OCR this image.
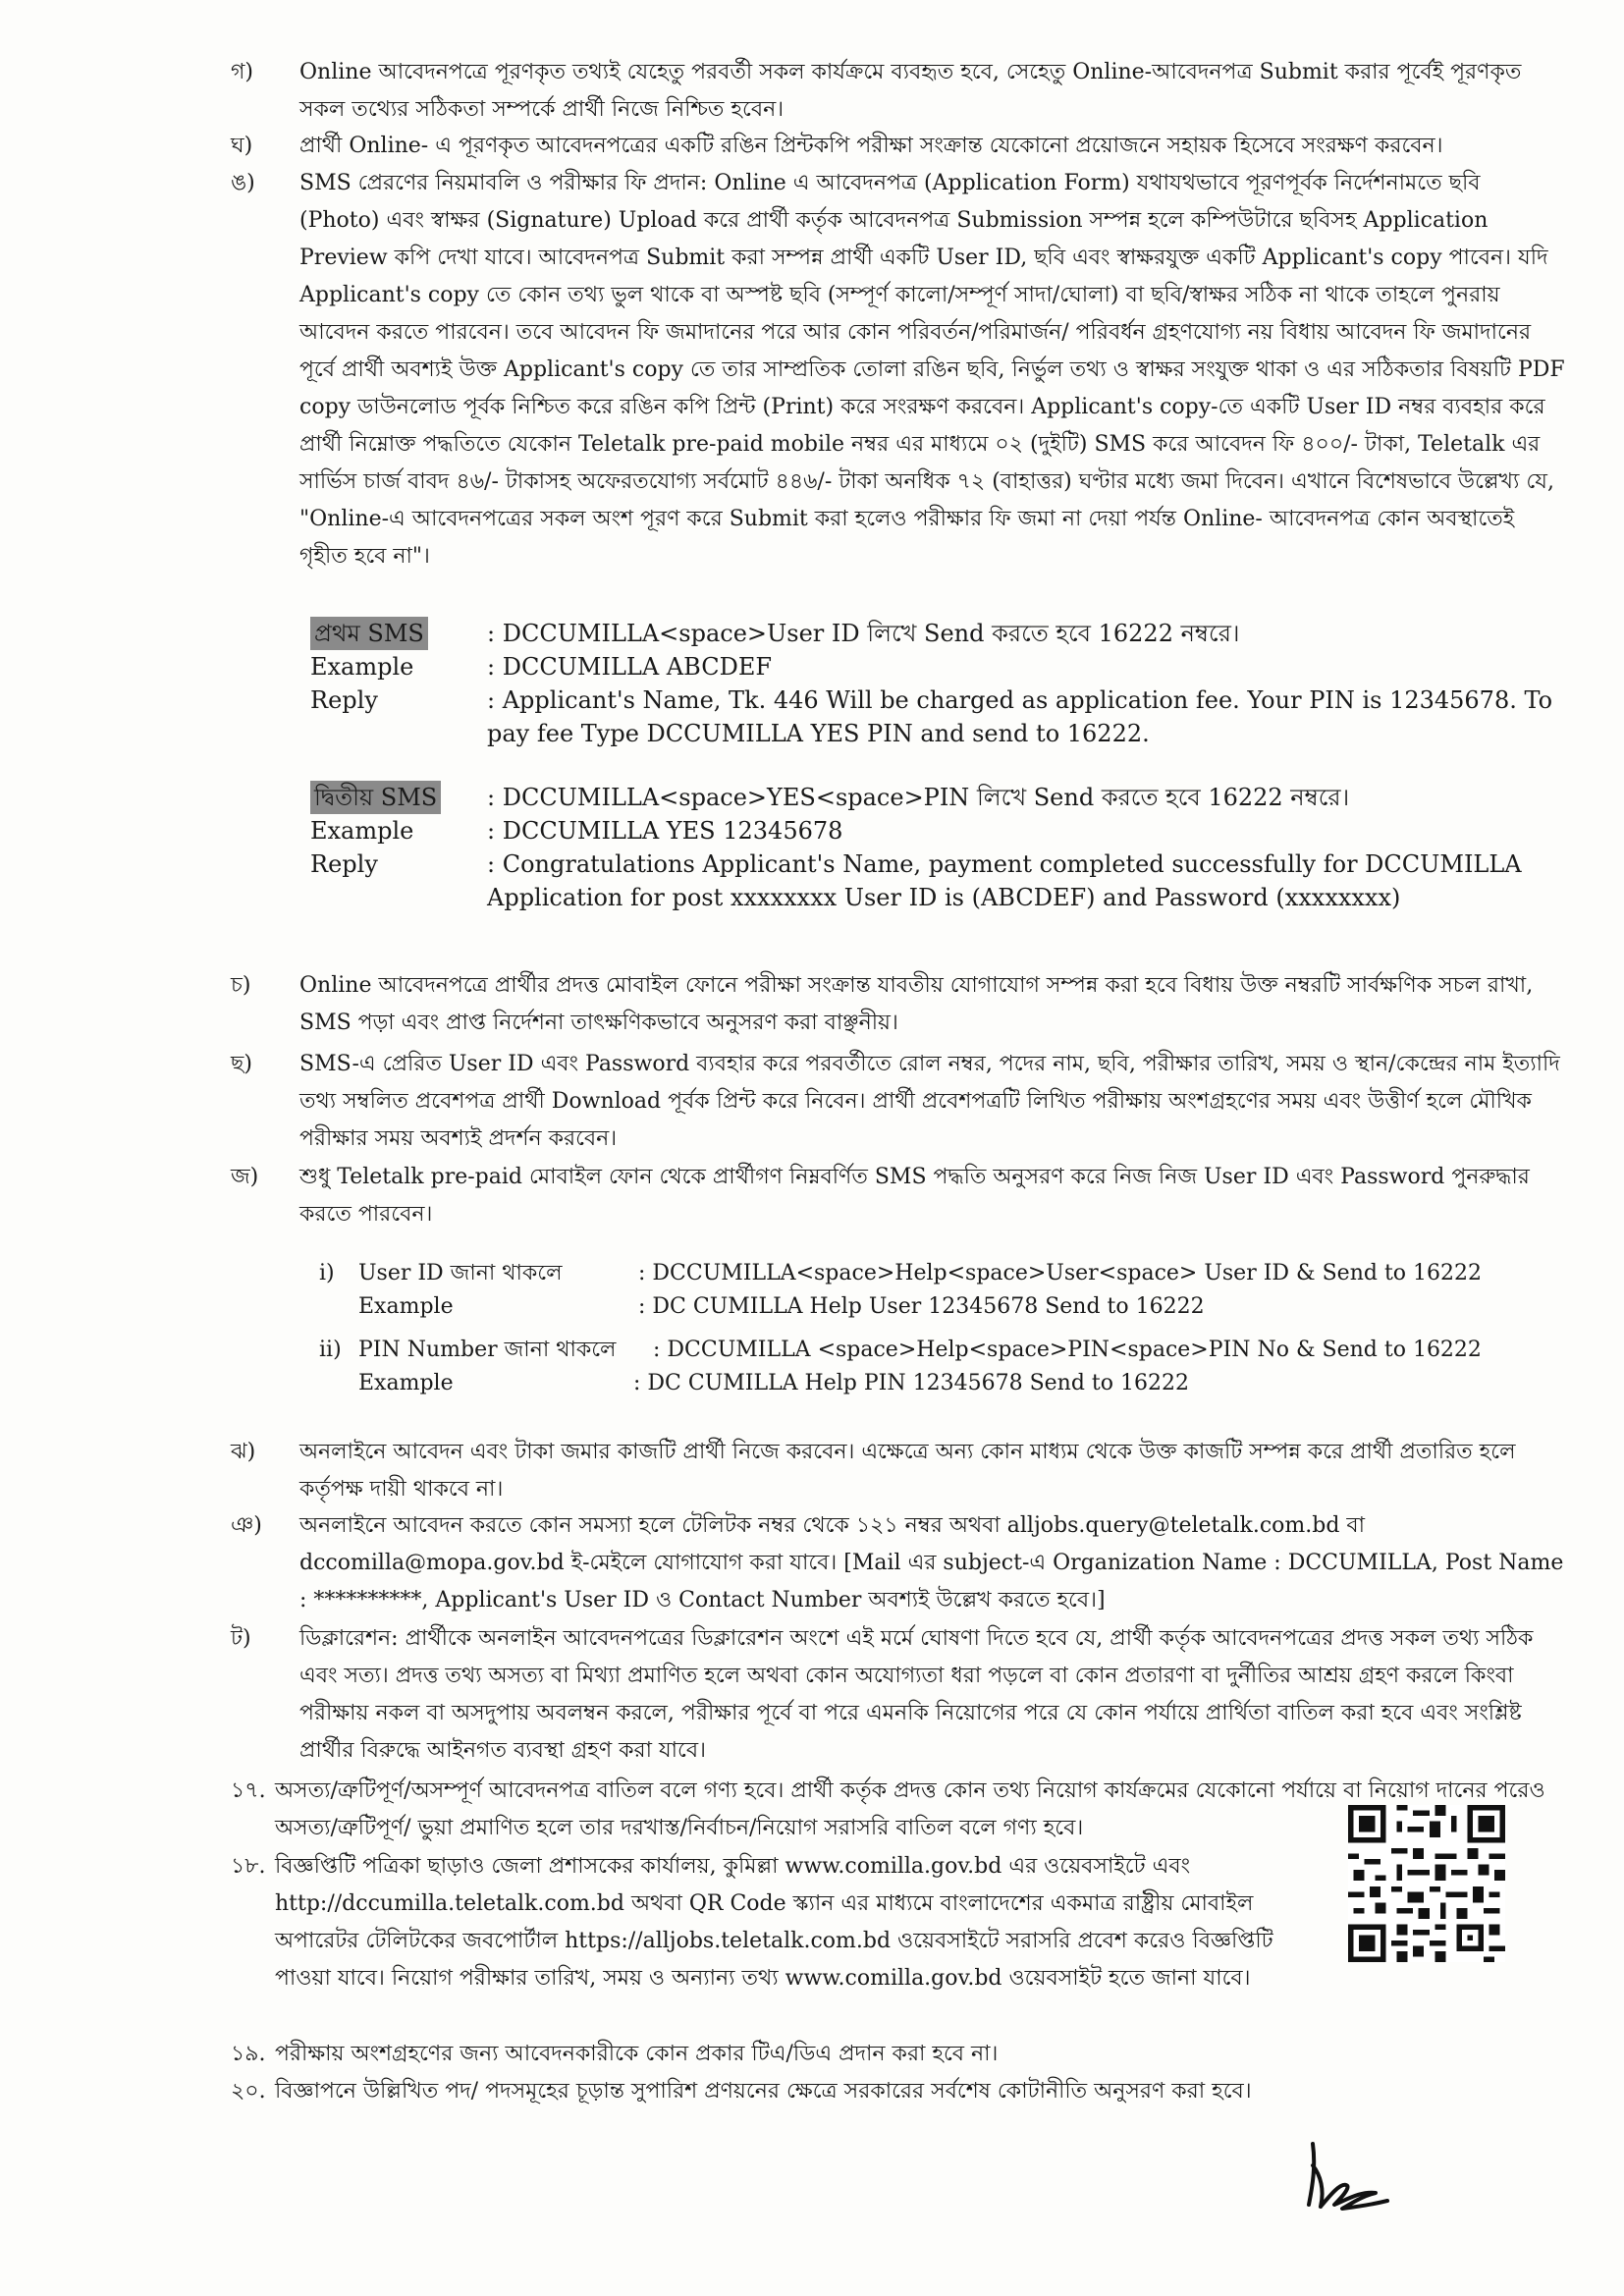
গ)	Online আবেদনপত্রে পূরণকৃত তথ্যই যেহেতু পরবর্তী সকল কার্যক্রমে ব্যবহৃত হবে, সেহেতু Online-আবেদনপত্র Submit করার পূর্বেই পূরণকৃত সকল তথ্যের সঠিকতা সম্পর্কে প্রার্থী নিজে নিশ্চিত হবেন।
ঘ)	প্রার্থী Online- এ পূরণকৃত আবেদনপত্রের একটি রঙিন প্রিন্টকপি পরীক্ষা সংক্রান্ত যেকোনো প্রয়োজনে সহায়ক হিসেবে সংরক্ষণ করবেন।
ঙ)	SMS প্রেরণের নিয়মাবলি ও পরীক্ষার ফি প্রদান: Online এ আবেদনপত্র (Application Form) যথাযথভাবে পূরণপূর্বক নির্দেশনামতে ছবি (Photo) এবং স্বাক্ষর (Signature) Upload করে প্রার্থী কর্তৃক আবেদনপত্র Submission সম্পন্ন হলে কম্পিউটারে ছবিসহ Application Preview কপি দেখা যাবে। আবেদনপত্র Submit করা সম্পন্ন প্রার্থী একটি User ID, ছবি এবং স্বাক্ষরযুক্ত একটি Applicant's copy পাবেন। যদি Applicant's copy তে কোন তথ্য ভুল থাকে বা অস্পষ্ট ছবি (সম্পূর্ণ কালো/সম্পূর্ণ সাদা/ঘোলা) বা ছবি/স্বাক্ষর সঠিক না থাকে তাহলে পুনরায় আবেদন করতে পারবেন। তবে আবেদন ফি জমাদানের পরে আর কোন পরিবর্তন/পরিমার্জন/ পরিবর্ধন গ্রহণযোগ্য নয় বিধায় আবেদন ফি জমাদানের পূর্বে প্রার্থী অবশ্যই উক্ত Applicant's copy তে তার সাম্প্রতিক তোলা রঙিন ছবি, নির্ভুল তথ্য ও স্বাক্ষর সংযুক্ত থাকা ও এর সঠিকতার বিষয়টি PDF copy ডাউনলোড পূর্বক নিশ্চিত করে রঙিন কপি প্রিন্ট (Print) করে সংরক্ষণ করবেন। Applicant's copy-তে একটি User ID নম্বর ব্যবহার করে প্রার্থী নিম্নোক্ত পদ্ধতিতে যেকোন Teletalk pre-paid mobile নম্বর এর মাধ্যমে ০২ (দুইটি) SMS করে আবেদন ফি ৪০০/- টাকা, Teletalk এর সার্ভিস চার্জ বাবদ ৪৬/- টাকাসহ অফেরতযোগ্য সর্বমোট ৪৪৬/- টাকা অনধিক ৭২ (বাহাত্তর) ঘণ্টার মধ্যে জমা দিবেন। এখানে বিশেষভাবে উল্লেখ্য যে, "Online-এ আবেদনপত্রের সকল অংশ পূরণ করে Submit করা হলেও পরীক্ষার ফি জমা না দেয়া পর্যন্ত Online- আবেদনপত্র কোন অবস্থাতেই গৃহীত হবে না"।
প্রথম SMS	: DCCUMILLA<space>User ID লিখে Send করতে হবে 16222 নম্বরে।
Example	: DCCUMILLA ABCDEF
Reply	: Applicant's Name, Tk. 446 Will be charged as application fee. Your PIN is 12345678. To pay fee Type DCCUMILLA YES PIN and send to 16222.
দ্বিতীয় SMS : DCCUMILLA<space>YES<space>PIN লিখে Send করতে হবে 16222 নম্বরে।
Example	: DCCUMILLA YES 12345678
Reply	: Congratulations Applicant's Name, payment completed successfully for DCCUMILLA Application for post xxxxxxxx User ID is (ABCDEF) and Password (xxxxxxxx)
চ)	Online আবেদনপত্রে প্রার্থীর প্রদত্ত মোবাইল ফোনে পরীক্ষা সংক্রান্ত যাবতীয় যোগাযোগ সম্পন্ন করা হবে বিধায় উক্ত নম্বরটি সার্বক্ষণিক সচল রাখা, SMS পড়া এবং প্রাপ্ত নির্দেশনা তাৎক্ষণিকভাবে অনুসরণ করা বাঞ্ছনীয়।
ছ)	SMS-এ প্রেরিত User ID এবং Password ব্যবহার করে পরবর্তীতে রোল নম্বর, পদের নাম, ছবি, পরীক্ষার তারিখ, সময় ও স্থান/কেন্দ্রের নাম ইত্যাদি তথ্য সম্বলিত প্রবেশপত্র প্রার্থী Download পূর্বক প্রিন্ট করে নিবেন। প্রার্থী প্রবেশপত্রটি লিখিত পরীক্ষায় অংশগ্রহণের সময় এবং উত্তীর্ণ হলে মৌখিক পরীক্ষার সময় অবশ্যই প্রদর্শন করবেন।
জ)	শুধু Teletalk pre-paid মোবাইল ফোন থেকে প্রার্থীগণ নিম্নবর্ণিত SMS পদ্ধতি অনুসরণ করে নিজ নিজ User ID এবং Password পুনরুদ্ধার করতে পারবেন।
i) User ID জানা থাকলে	: DCCUMILLA<space>Help<space>User<space> User ID & Send to 16222
Example	: DC CUMILLA Help User 12345678 Send to 16222
ii) PIN Number জানা থাকলে : DCCUMILLA <space>Help<space>PIN<space>PIN No & Send to 16222
Example	: DC CUMILLA Help PIN 12345678 Send to 16222
ঝ)	অনলাইনে আবেদন এবং টাকা জমার কাজটি প্রার্থী নিজে করবেন। এক্ষেত্রে অন্য কোন মাধ্যম থেকে উক্ত কাজটি সম্পন্ন করে প্রার্থী প্রতারিত হলে কর্তৃপক্ষ দায়ী থাকবে না।
ঞ)	অনলাইনে আবেদন করতে কোন সমস্যা হলে টেলিটক নম্বর থেকে ১২১ নম্বর অথবা alljobs.query@teletalk.com.bd বা dccomilla@mopa.gov.bd ই-মেইলে যোগাযোগ করা যাবে। [Mail এর subject-এ Organization Name : DCCUMILLA, Post Name : **********, Applicant's User ID ও Contact Number অবশ্যই উল্লেখ করতে হবে।]
ট)	ডিক্লারেশন: প্রার্থীকে অনলাইন আবেদনপত্রের ডিক্লারেশন অংশে এই মর্মে ঘোষণা দিতে হবে যে, প্রার্থী কর্তৃক আবেদনপত্রের প্রদত্ত সকল তথ্য সঠিক এবং সত্য। প্রদত্ত তথ্য অসত্য বা মিথ্যা প্রমাণিত হলে অথবা কোন অযোগ্যতা ধরা পড়লে বা কোন প্রতারণা বা দুর্নীতির আশ্রয় গ্রহণ করলে কিংবা পরীক্ষায় নকল বা অসদুপায় অবলম্বন করলে, পরীক্ষার পূর্বে বা পরে এমনকি নিয়োগের পরে যে কোন পর্যায়ে প্রার্থিতা বাতিল করা হবে এবং সংশ্লিষ্ট প্রার্থীর বিরুদ্ধে আইনগত ব্যবস্থা গ্রহণ করা যাবে।
১৭. অসত্য/ত্রুটিপূর্ণ/অসম্পূর্ণ আবেদনপত্র বাতিল বলে গণ্য হবে। প্রার্থী কর্তৃক প্রদত্ত কোন তথ্য নিয়োগ কার্যক্রমের যেকোনো পর্যায়ে বা নিয়োগ দানের পরেও অসত্য/ত্রুটিপূর্ণ/ ভুয়া প্রমাণিত হলে তার দরখাস্ত/নির্বাচন/নিয়োগ সরাসরি বাতিল বলে গণ্য হবে।
১৮. বিজ্ঞপ্তিটি পত্রিকা ছাড়াও জেলা প্রশাসকের কার্যালয়, কুমিল্লা www.comilla.gov.bd এর ওয়েবসাইটে এবং http://dccumilla.teletalk.com.bd অথবা QR Code স্ক্যান এর মাধ্যমে বাংলাদেশের একমাত্র রাষ্ট্রীয় মোবাইল অপারেটর টেলিটকের জবপোর্টাল https://alljobs.teletalk.com.bd ওয়েবসাইটে সরাসরি প্রবেশ করেও বিজ্ঞপ্তিটি পাওয়া যাবে। নিয়োগ পরীক্ষার তারিখ, সময় ও অন্যান্য তথ্য www.comilla.gov.bd ওয়েবসাইট হতে জানা যাবে।
১৯. পরীক্ষায় অংশগ্রহণের জন্য আবেদনকারীকে কোন প্রকার টিএ/ডিএ প্রদান করা হবে না।
২০. বিজ্ঞাপনে উল্লিখিত পদ/ পদসমূহের চূড়ান্ত সুপারিশ প্রণয়নের ক্ষেত্রে সরকারের সর্বশেষ কোটানীতি অনুসরণ করা হবে।
